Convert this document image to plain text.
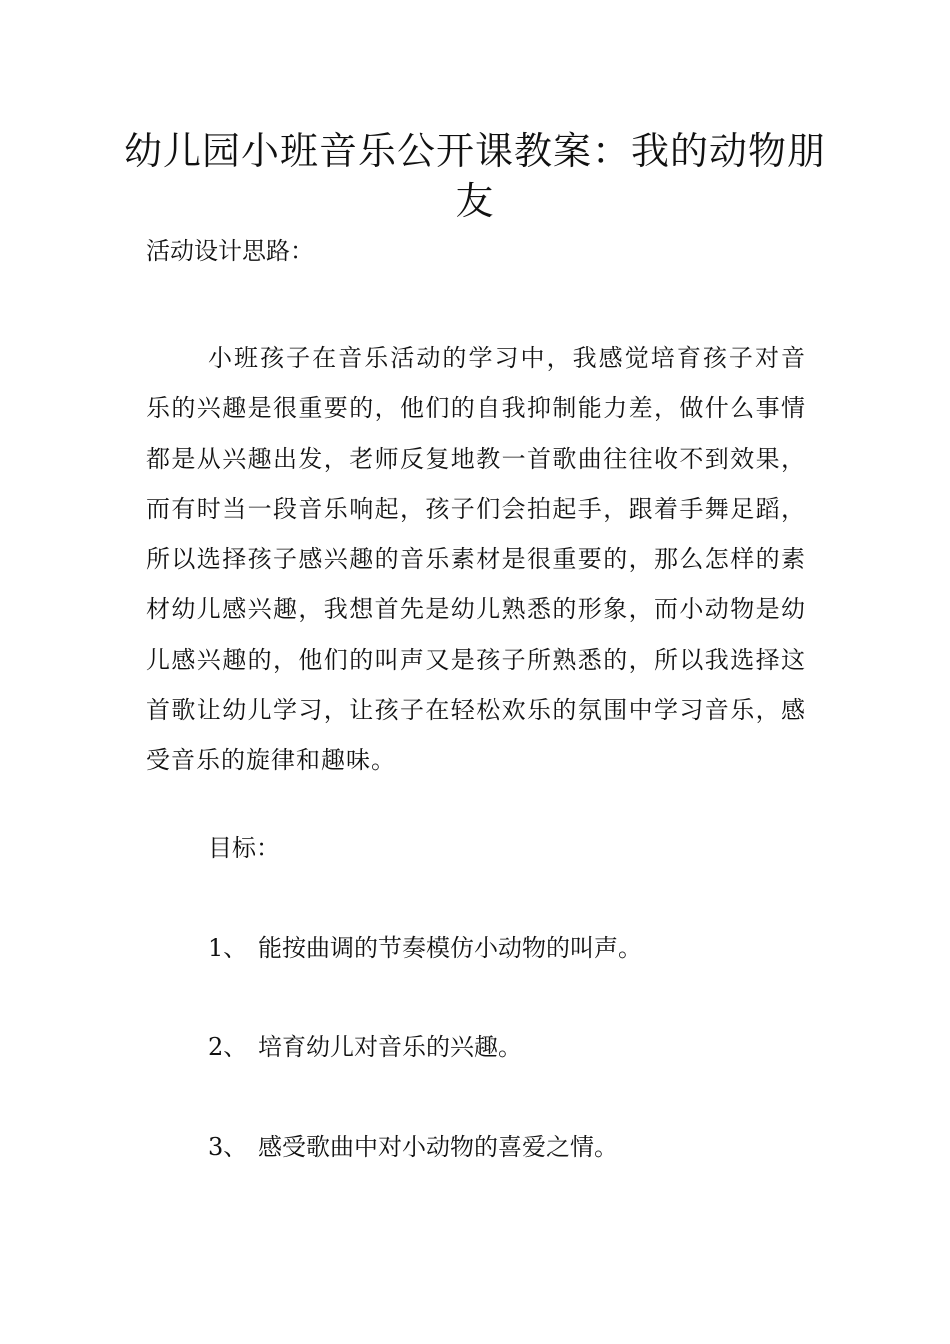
幼儿园小班音乐公开课教案：我的动物朋友

活动设计思路：

小班孩子在音乐活动的学习中，我感觉培育孩子对音乐的兴趣是很重要的，他们的自我抑制能力差，做什么事情都是从兴趣出发，老师反复地教一首歌曲往往收不到效果，而有时当一段音乐响起，孩子们会拍起手，跟着手舞足蹈，所以选择孩子感兴趣的音乐素材是很重要的，那么怎样的素材幼儿感兴趣，我想首先是幼儿熟悉的形象，而小动物是幼儿感兴趣的，他们的叫声又是孩子所熟悉的，所以我选择这首歌让幼儿学习，让孩子在轻松欢乐的氛围中学习音乐，感受音乐的旋律和趣味。

目标：

1、 能按曲调的节奏模仿小动物的叫声。

2、 培育幼儿对音乐的兴趣。

3、 感受歌曲中对小动物的喜爱之情。
